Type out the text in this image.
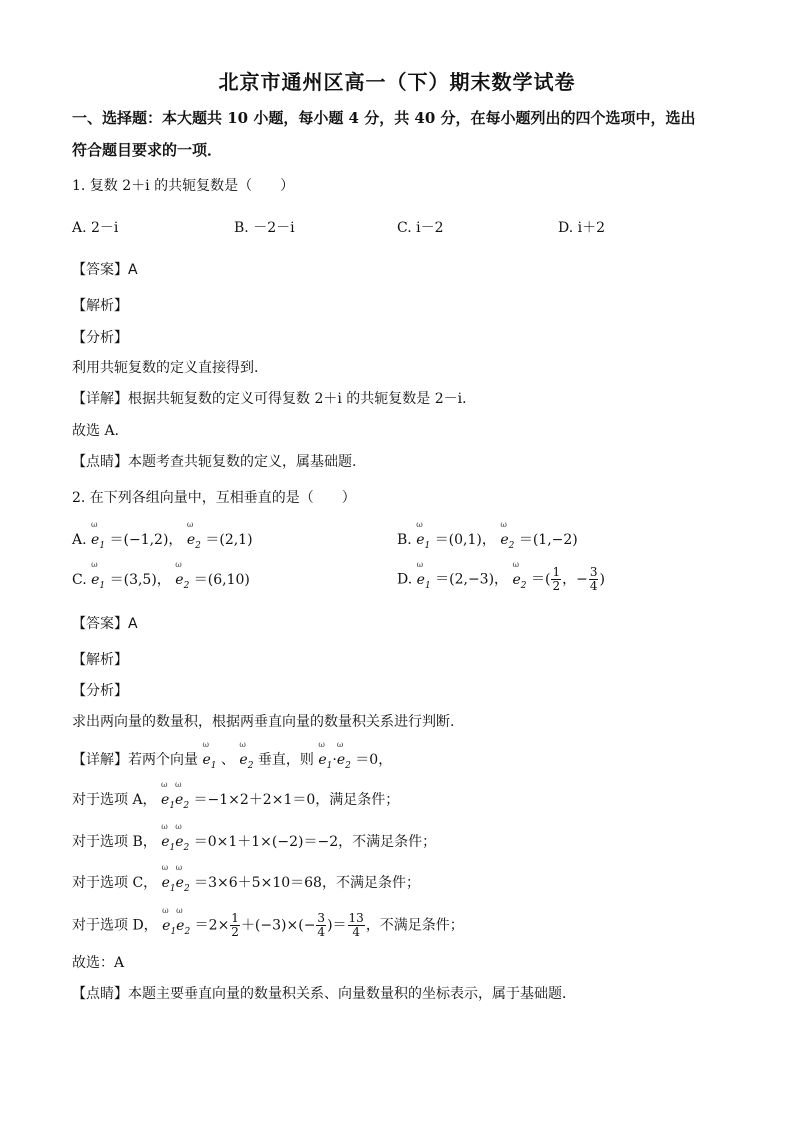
北京市通州区高一（下）期末数学试卷
一、选择题：本大题共 10 小题，每小题 4 分，共 40 分，在每小题列出的四个选项中，选出
符合题目要求的一项．
1. 复数 2＋i 的共轭复数是（　　）
A. 2－i	B. －2－i	C. i－2	D. i＋2
【答案】A
【解析】
【分析】
利用共轭复数的定义直接得到.
【详解】根据共轭复数的定义可得复数 2＋i 的共轭复数是 2－i．
故选 A.
【点睛】本题考查共轭复数的定义，属基础题.
2. 在下列各组向量中，互相垂直的是（　　）
A.
ω
$e_1 =(-1,2)$，
ω
$e_2 =(2,1)$	B.
ω
$e_1 =(0,1)$，
ω
$e_2 =(1,-2)$
C.
ω
$e_1 =(3,5)$，
ω
$e_2 =(6,10)$	D.
ω
$e_1 =(2,-3)$，
ω
$e_2$ ＝( $\frac{1}{2}$ ，− $\frac{3}{4}$ )
【答案】A
【解析】
【分析】
求出两向量的数量积，根据两垂直向量的数量积关系进行判断.
【详解】若两个向量
ω
$e_1$ 、
ω
$e_2$ 垂直，则
ω
$e_1\cdot$
ω
$e_2 =0$，
对于选项 A，
ω
$e_1$
ω
$e_2 =-1\times 2+2\times 1=0$，满足条件；
对于选项 B，
ω
$e_1$
ω
$e_2 =0\times 1+1\times(-2)=-2$，不满足条件；
对于选项 C，
ω
$e_1$
ω
$e_2 =3\times 6+5\times 10=68$，不满足条件；
对于选项 D，
ω
$e_1$
ω
$e_2 =2\times \frac{1}{2} +(-3)\times(- \frac{3}{4}$ )＝ $\frac{13}{4}$ ，不满足条件；
故选：A
【点睛】本题主要垂直向量的数量积关系、向量数量积的坐标表示，属于基础题．
